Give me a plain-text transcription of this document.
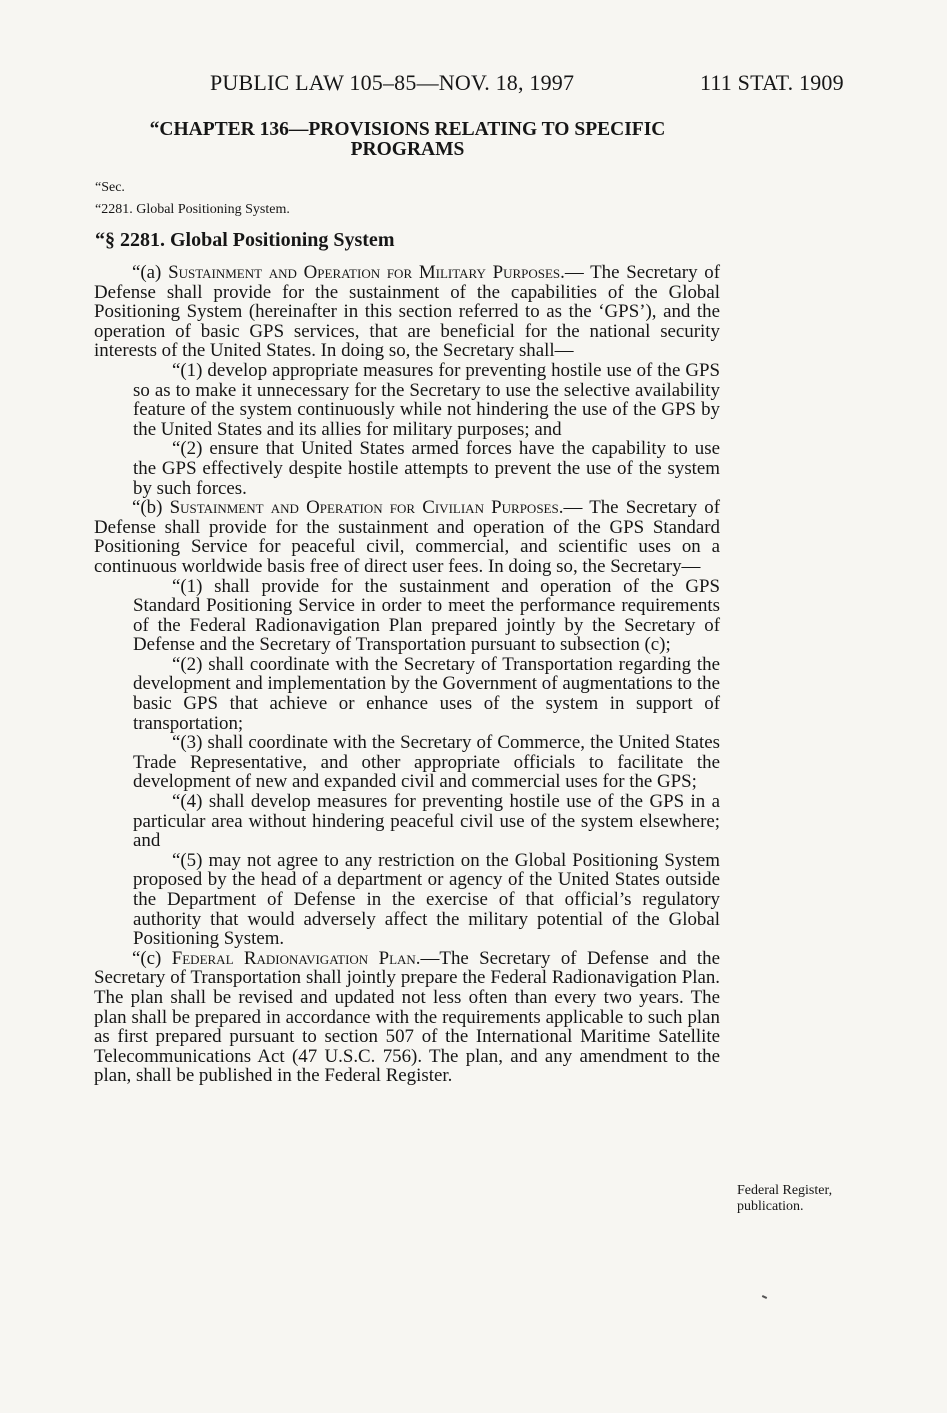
PUBLIC LAW 105–85—NOV. 18, 1997	111 STAT. 1909
“CHAPTER 136—PROVISIONS RELATING TO SPECIFIC PROGRAMS
“Sec.
“2281. Global Positioning System.
“§ 2281. Global Positioning System

“(a) Sustainment and Operation for Military Purposes.— The Secretary of Defense shall provide for the sustainment of the capabilities of the Global Positioning System (hereinafter in this section referred to as the ‘GPS’), and the operation of basic GPS services, that are beneficial for the national security interests of the United States. In doing so, the Secretary shall—

“(1) develop appropriate measures for preventing hostile use of the GPS so as to make it unnecessary for the Secretary to use the selective availability feature of the system continuously while not hindering the use of the GPS by the United States and its allies for military purposes; and

“(2) ensure that United States armed forces have the capability to use the GPS effectively despite hostile attempts to prevent the use of the system by such forces.

“(b) Sustainment and Operation for Civilian Purposes.— The Secretary of Defense shall provide for the sustainment and operation of the GPS Standard Positioning Service for peaceful civil, commercial, and scientific uses on a continuous worldwide basis free of direct user fees. In doing so, the Secretary—

“(1) shall provide for the sustainment and operation of the GPS Standard Positioning Service in order to meet the performance requirements of the Federal Radionavigation Plan prepared jointly by the Secretary of Defense and the Secretary of Transportation pursuant to subsection (c);

“(2) shall coordinate with the Secretary of Transportation regarding the development and implementation by the Government of augmentations to the basic GPS that achieve or enhance uses of the system in support of transportation;

“(3) shall coordinate with the Secretary of Commerce, the United States Trade Representative, and other appropriate officials to facilitate the development of new and expanded civil and commercial uses for the GPS;

“(4) shall develop measures for preventing hostile use of the GPS in a particular area without hindering peaceful civil use of the system elsewhere; and

“(5) may not agree to any restriction on the Global Positioning System proposed by the head of a department or agency of the United States outside the Department of Defense in the exercise of that official’s regulatory authority that would adversely affect the military potential of the Global Positioning System.

“(c) Federal Radionavigation Plan.—The Secretary of Defense and the Secretary of Transportation shall jointly prepare the Federal Radionavigation Plan. The plan shall be revised and updated not less often than every two years. The plan shall be prepared in accordance with the requirements applicable to such plan as first prepared pursuant to section 507 of the International Maritime Satellite Telecommunications Act (47 U.S.C. 756). The plan, and any amendment to the plan, shall be published in the Federal Register.

Federal Register,
publication.
